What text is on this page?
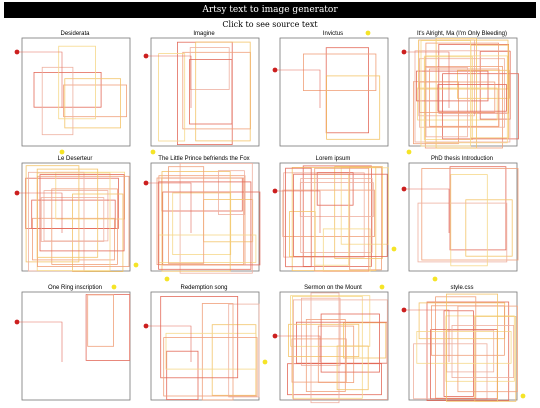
Artsy text to image generator
Click to see source text
Desiderata	Imagine	Invictus	It's Alright, Ma (I'm Only Bleeding)
Le Deserteur	The Little Prince befriends the Fox	Lorem ipsum	PhD thesis Introduction
One Ring inscription	Redemption song	Sermon on the Mount	style.css
